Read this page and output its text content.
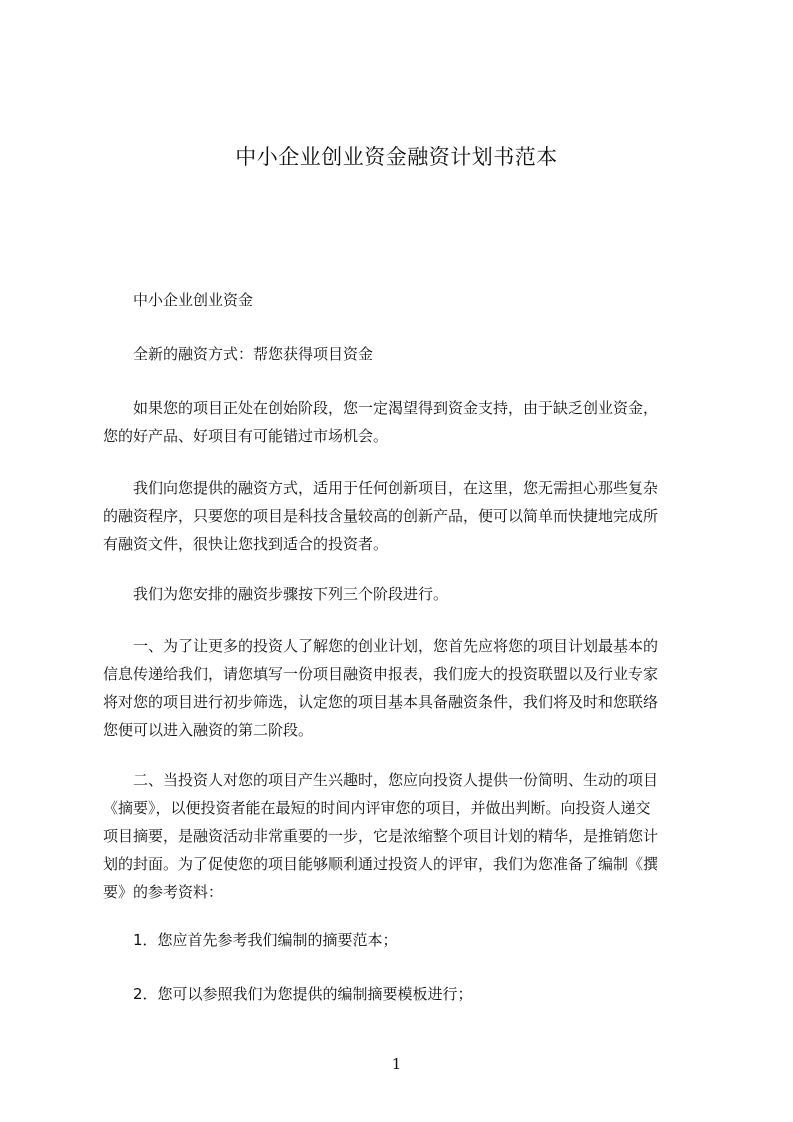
中小企业创业资金融资计划书范本
　　中小企业创业资金
　　全新的融资方式：帮您获得项目资金
　　如果您的项目正处在创始阶段，您一定渴望得到资金支持，由于缺乏创业资金，
您的好产品、好项目有可能错过市场机会。
　　我们向您提供的融资方式，适用于任何创新项目，在这里，您无需担心那些复杂
的融资程序，只要您的项目是科技含量较高的创新产品，便可以简单而快捷地完成所
有融资文件，很快让您找到适合的投资者。
　　我们为您安排的融资步骤按下列三个阶段进行。
　　一、为了让更多的投资人了解您的创业计划，您首先应将您的项目计划最基本的
信息传递给我们，请您填写一份项目融资申报表，我们庞大的投资联盟以及行业专家
将对您的项目进行初步筛选，认定您的项目基本具备融资条件，我们将及时和您联络
您便可以进入融资的第二阶段。
　　二、当投资人对您的项目产生兴趣时，您应向投资人提供一份简明、生动的项目
《摘要》，以便投资者能在最短的时间内评审您的项目，并做出判断。向投资人递交
项目摘要，是融资活动非常重要的一步，它是浓缩整个项目计划的精华，是推销您计
划的封面。为了促使您的项目能够顺利通过投资人的评审，我们为您准备了编制《撰
要》的参考资料：
　　1．您应首先参考我们编制的摘要范本；
　　2．您可以参照我们为您提供的编制摘要模板进行；
1
